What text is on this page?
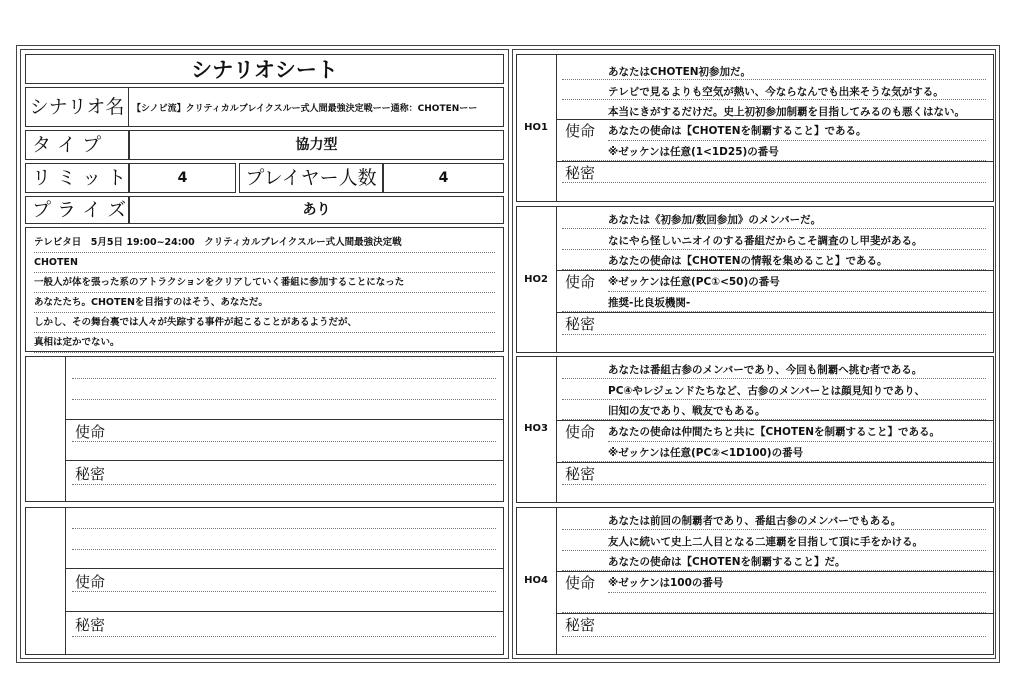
シナリオシート
シナリオ名 【シノビ流】クリティカルブレイクスルー式人間最強決定戦ーー通称：CHOTENーー
タ イ プ	協力型
リ ミ ッ ト	4	プレイヤー人数	4
プ ラ イ ズ	あり
テレビタ日　5月5日 19:00~24:00　クリティカルブレイクスルー式人間最強決定戦
CHOTEN
一般人が体を張った系のアトラクションをクリアしていく番組に参加することになった
あなたたち。CHOTENを目指すのはそう、あなただ。
しかし、その舞台裏では人々が失踪する事件が起こることがあるようだが、
真相は定かでない。
使命
秘密
使命
秘密
HO1
あなたはCHOTEN初参加だ。
テレビで見るよりも空気が熱い、今ならなんでも出来そうな気がする。
本当にきがするだけだ。史上初初参加制覇を目指してみるのも悪くはない。
使命	あなたの使命は【CHOTENを制覇すること】である。
※ゼッケンは任意(1<1D25)の番号
秘密
HO2
あなたは《初参加/数回参加》のメンバーだ。
なにやら怪しいニオイのする番組だからこそ調査のし甲斐がある。
あなたの使命は【CHOTENの情報を集めること】である。
使命	※ゼッケンは任意(PC①<50)の番号
推奨-比良坂機関-
秘密
HO3
あなたは番組古参のメンバーであり、今回も制覇へ挑む者である。
PC④やレジェンドたちなど、古参のメンバーとは顔見知りであり、
旧知の友であり、戦友でもある。
使命	あなたの使命は仲間たちと共に【CHOTENを制覇すること】である。
※ゼッケンは任意(PC②<1D100)の番号
秘密
HO4
あなたは前回の制覇者であり、番組古参のメンバーでもある。
友人に続いて史上二人目となる二連覇を目指して頂に手をかける。
あなたの使命は【CHOTENを制覇すること】だ。
使命	※ゼッケンは100の番号
秘密
